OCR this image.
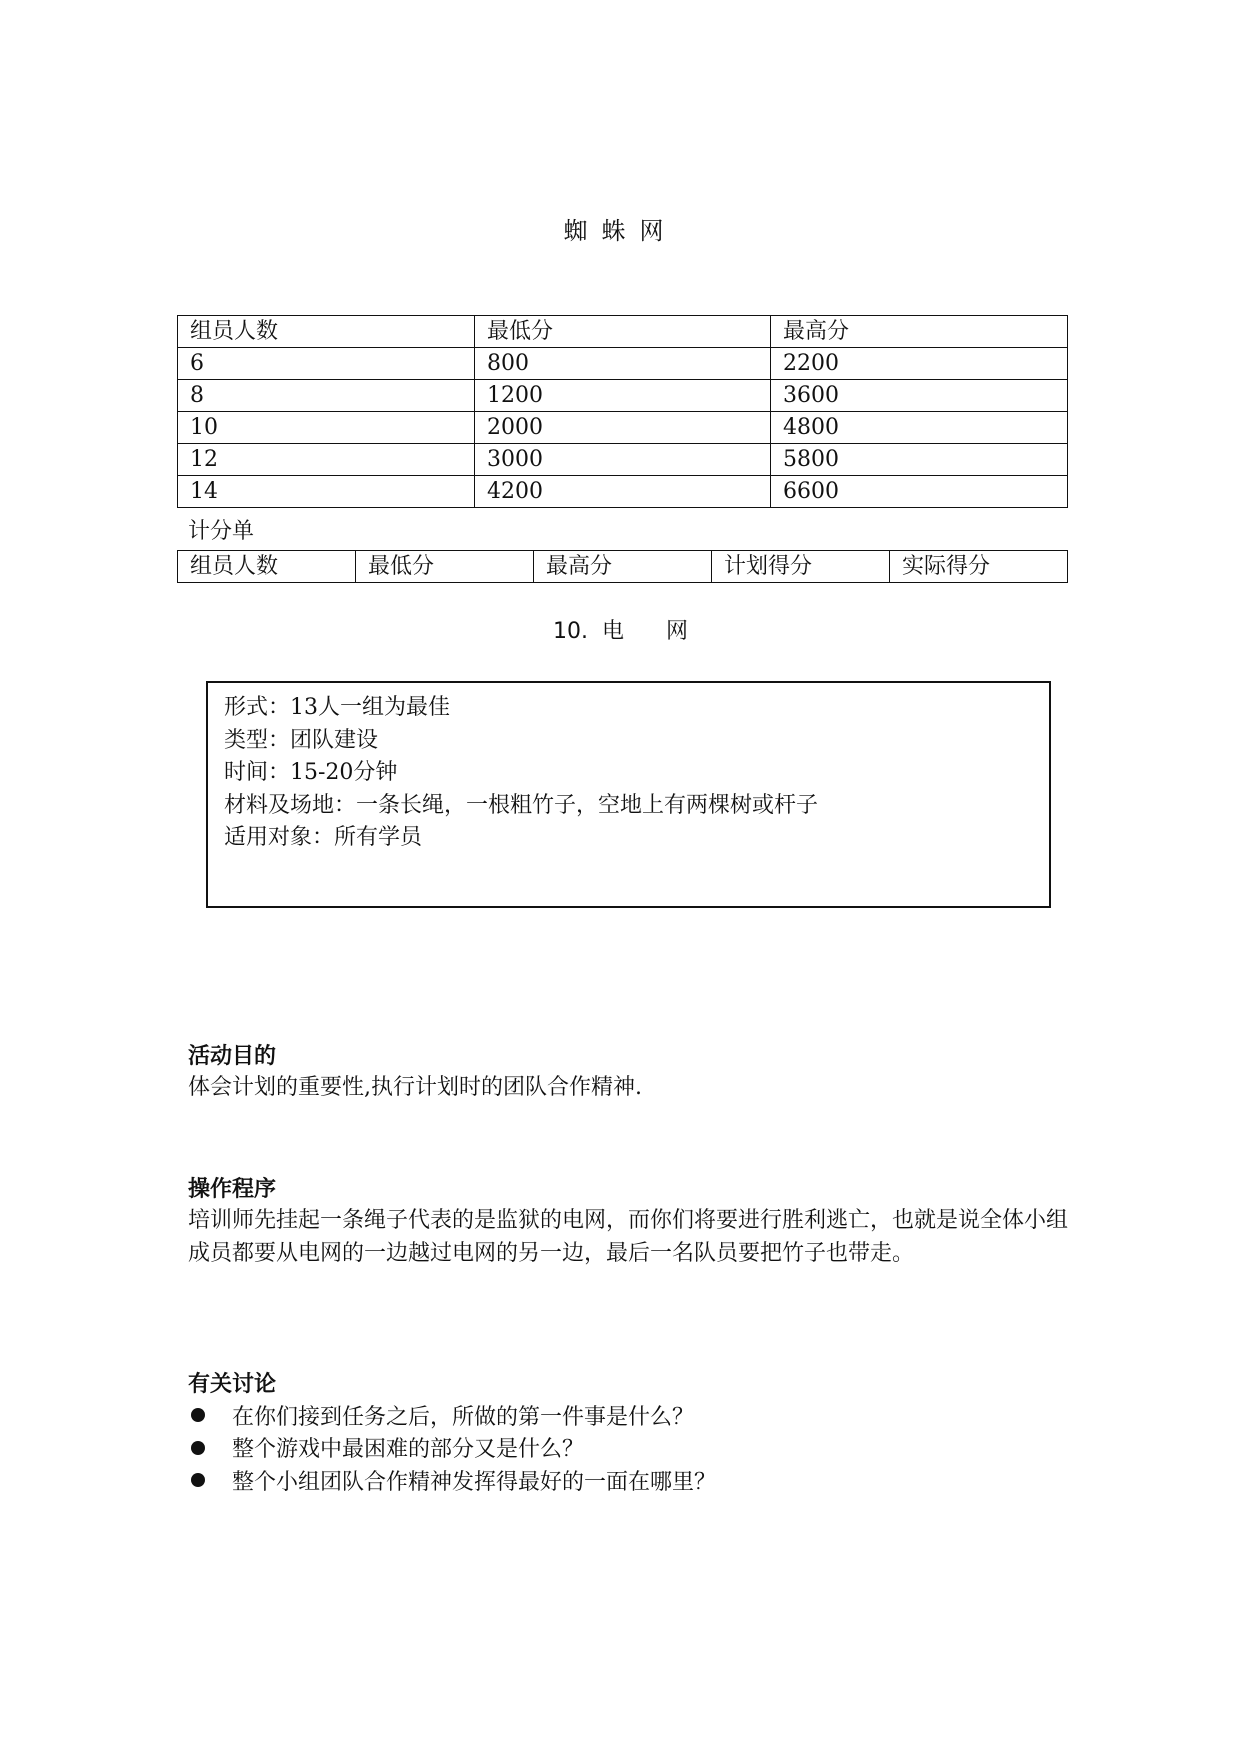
蜘蛛网
组员人数	最低分	最高分
6	800	2200
8	1200	3600
10	2000	4800
12	3000	5800
14	4200	6600
计分单
组员人数	最低分	最高分	计划得分	实际得分
10. 电 网
形式：13人一组为最佳
类型：团队建设
时间：15-20分钟
材料及场地：一条长绳，一根粗竹子，空地上有两棵树或杆子
适用对象：所有学员
活动目的
体会计划的重要性,执行计划时的团队合作精神.
操作程序
培训师先挂起一条绳子代表的是监狱的电网，而你们将要进行胜利逃亡，也就是说全体小组成员都要从电网的一边越过电网的另一边，最后一名队员要把竹子也带走。
有关讨论
在你们接到任务之后，所做的第一件事是什么？
整个游戏中最困难的部分又是什么？
整个小组团队合作精神发挥得最好的一面在哪里？
